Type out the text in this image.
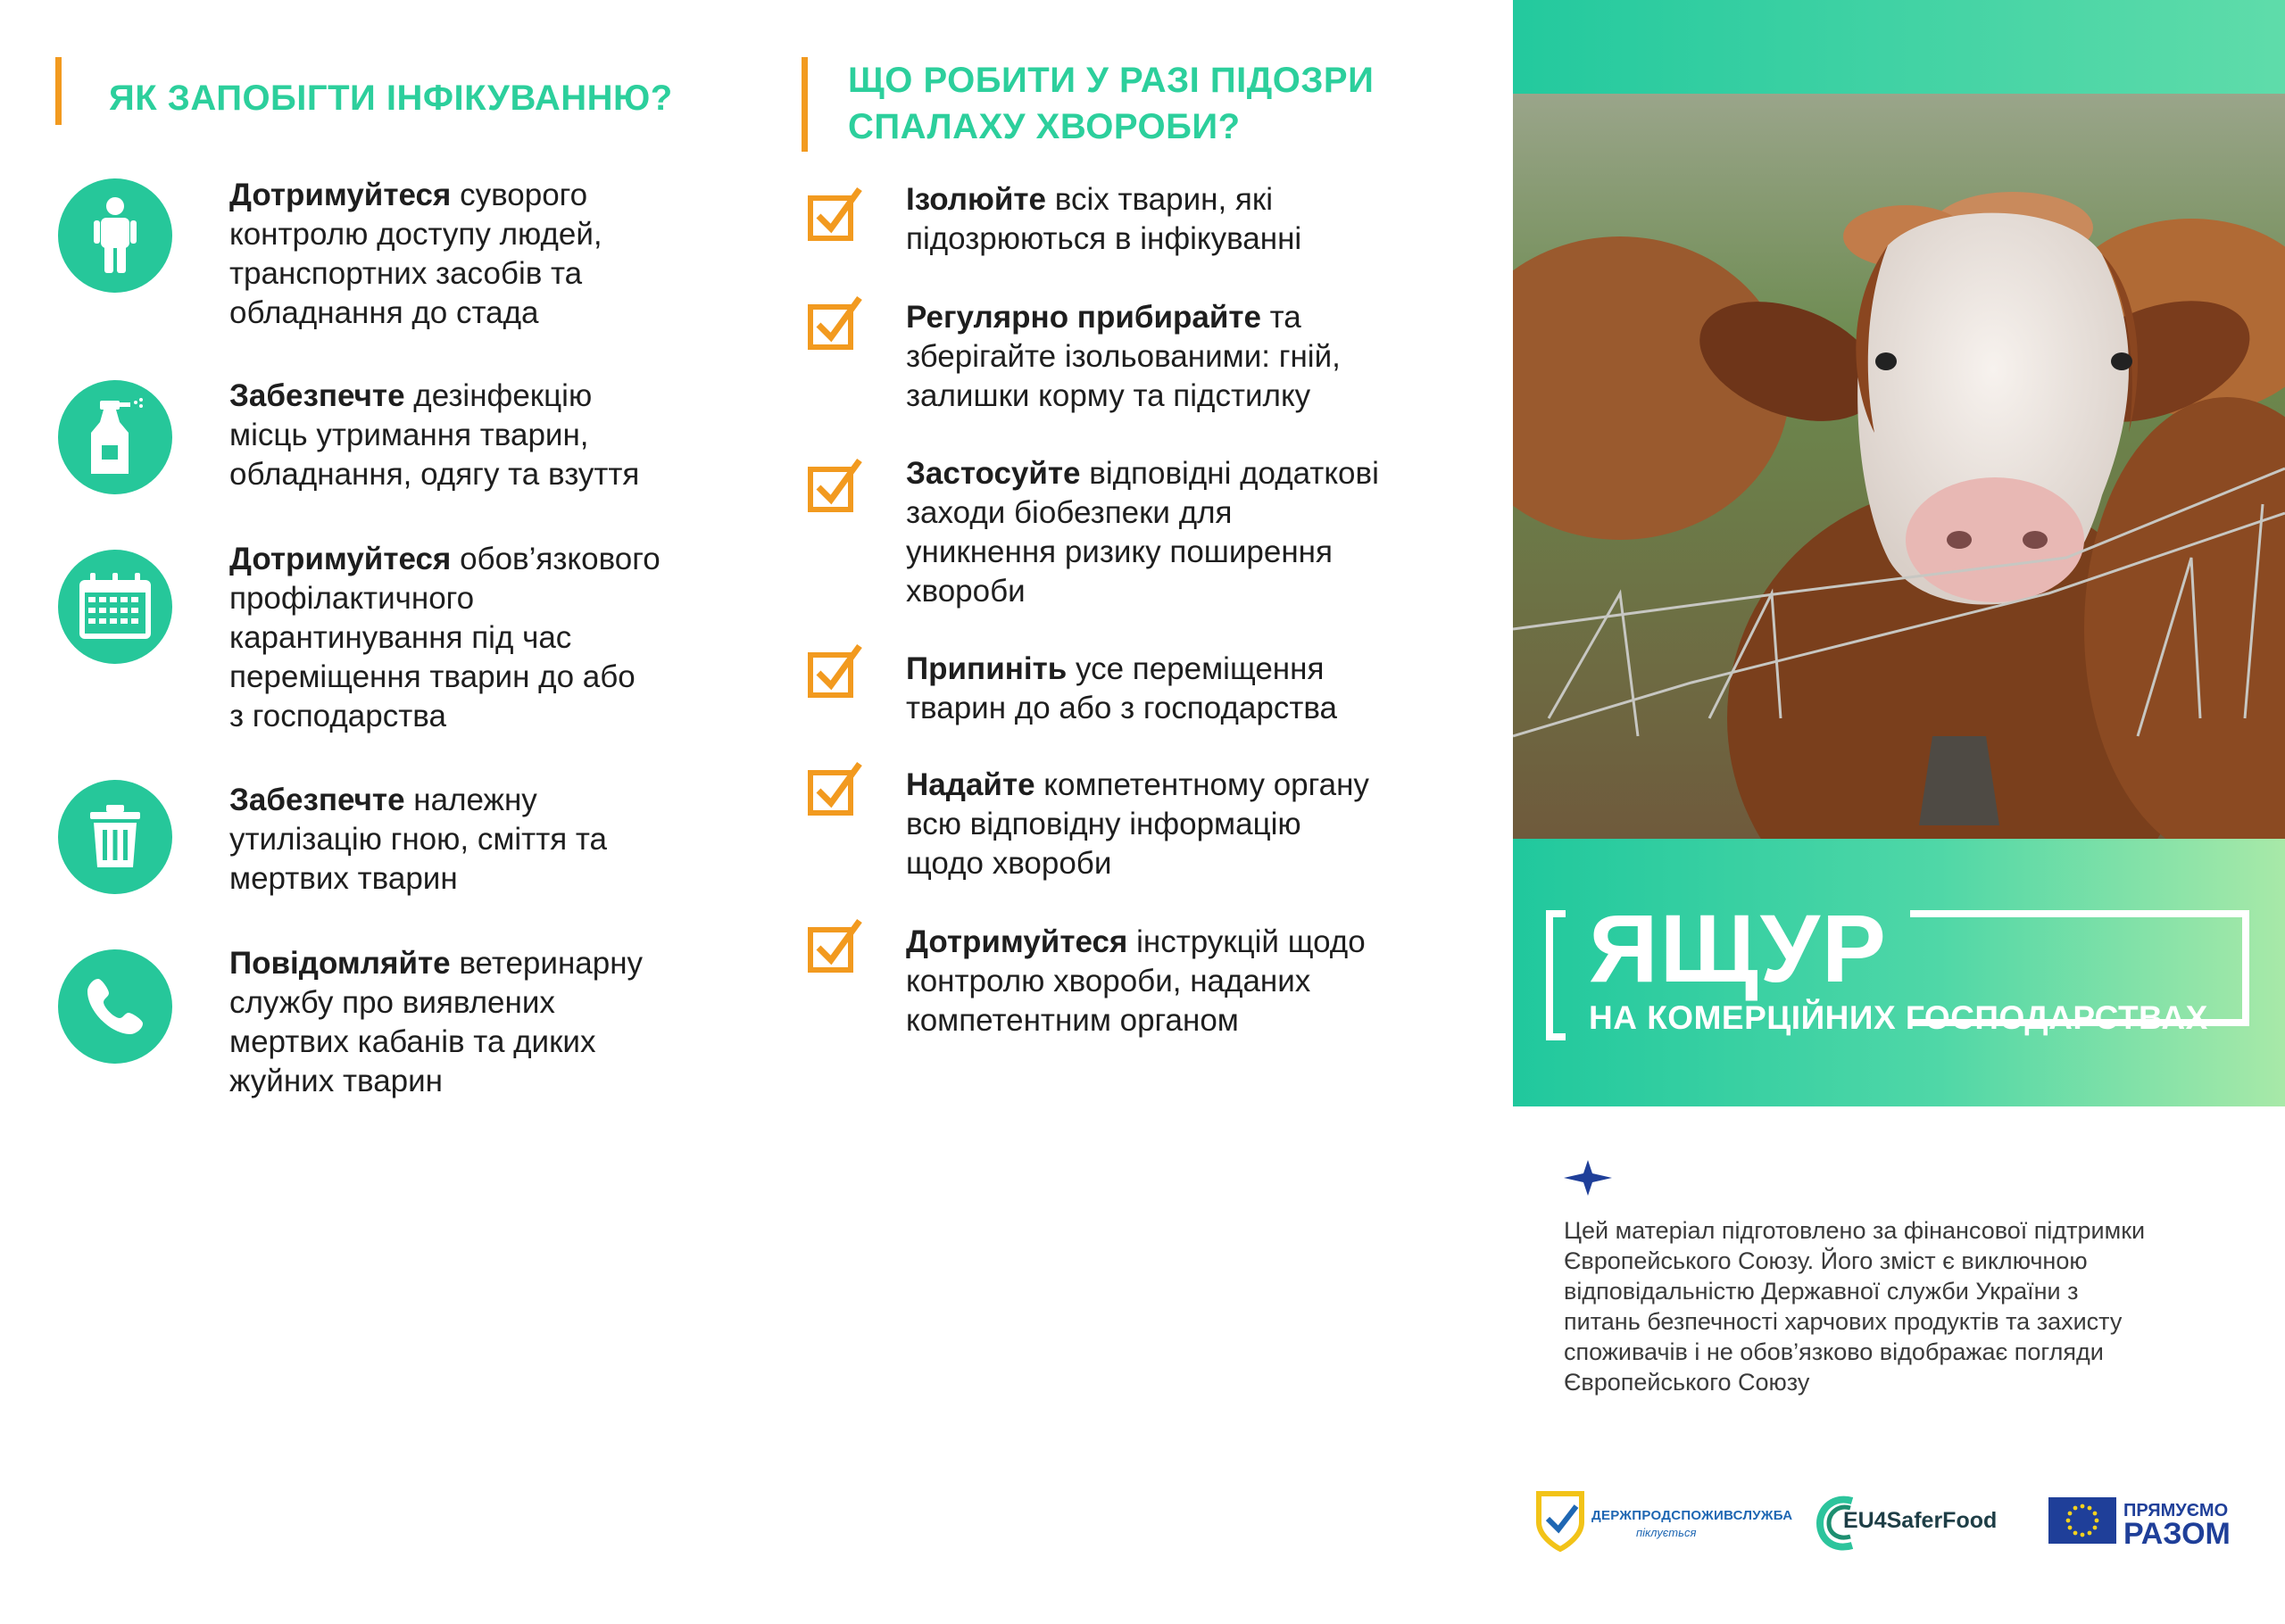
ЯК ЗАПОБІГТИ ІНФІКУВАННЮ?
Дотримуйтеся суворого
контролю доступу людей,
транспортних засобів та
обладнання до стада
Забезпечте дезінфекцію
місць утримання тварин,
обладнання, одягу та взуття
Дотримуйтеся обов’язкового
профілактичного
карантинування під час
переміщення тварин до або
з господарства
Забезпечте належну
утилізацію гною, сміття та
мертвих тварин
Повідомляйте ветеринарну
службу про виявлених
мертвих кабанів та диких
жуйних тварин
ЩО РОБИТИ У РАЗІ ПІДОЗРИ
СПАЛАХУ ХВОРОБИ?
Ізолюйте всіх тварин, які
підозрюються в інфікуванні
Регулярно прибирайте та
зберігайте ізольованими: гній,
залишки корму та підстилку
Застосуйте відповідні додаткові
заходи біобезпеки для
уникнення ризику поширення
хвороби
Припиніть усе переміщення
тварин до або з господарства
Надайте компетентному органу
всю відповідну інформацію
щодо хвороби
Дотримуйтеся інструкцій щодо
контролю хвороби, наданих
компетентним органом
ЯЩУР
НА КОМЕРЦІЙНИХ ГОСПОДАРСТВАХ
Цей матеріал підготовлено за фінансової підтримки
Європейського Союзу. Його зміст є виключною
відповідальністю Державної служби України з
питань безпечності харчових продуктів та захисту
споживачів і не обов’язково відображає погляди
Європейського Союзу
ДЕРЖПРОДСПОЖИВСЛУЖБА
піклується	EU4SaferFood	ПРЯМУЄМО
РАЗОМ
